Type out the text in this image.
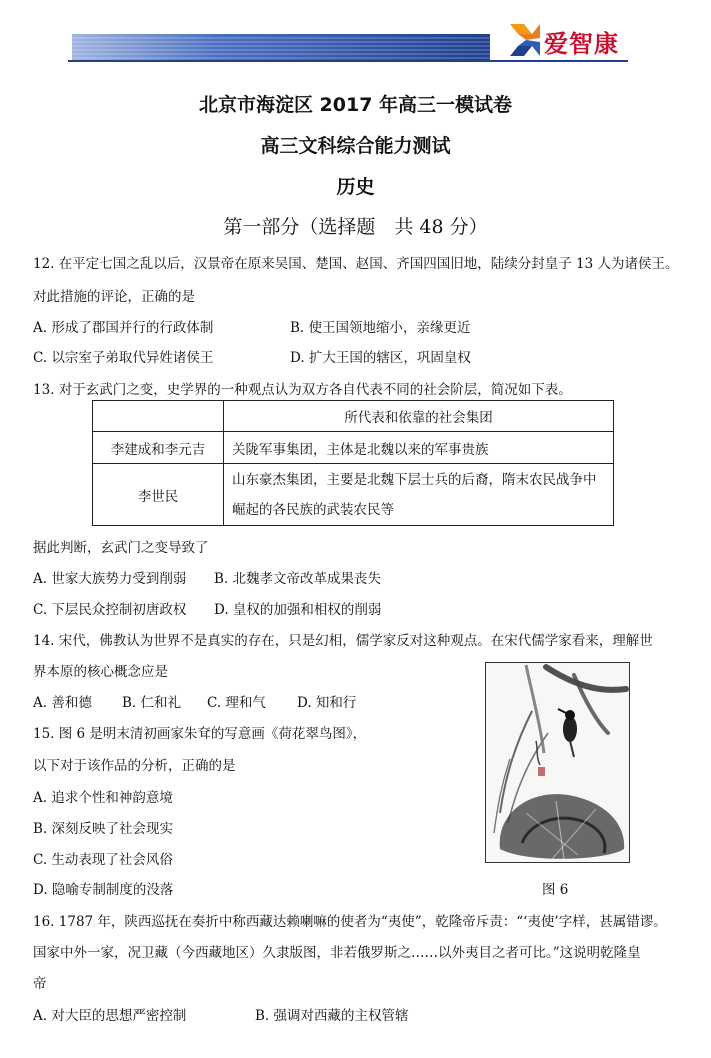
爱智康
北京市海淀区 2017 年高三一模试卷
高三文科综合能力测试
历史
第一部分（选择题　共 48 分）
12. 在平定七国之乱以后，汉景帝在原来吴国、楚国、赵国、齐国四国旧地，陆续分封皇子 13 人为诸侯王。
对此措施的评论，正确的是
A. 形成了郡国并行的行政体制	B. 使王国领地缩小，亲缘更近
C. 以宗室子弟取代异姓诸侯王	D. 扩大王国的辖区，巩固皇权
13. 对于玄武门之变，史学界的一种观点认为双方各自代表不同的社会阶层，简况如下表。
	所代表和依靠的社会集团
李建成和李元吉	关陇军事集团，主体是北魏以来的军事贵族
李世民	山东豪杰集团，主要是北魏下层士兵的后裔，隋末农民战争中
崛起的各民族的武装农民等
据此判断，玄武门之变导致了
A. 世家大族势力受到削弱 B. 北魏孝文帝改革成果丧失
C. 下层民众控制初唐政权 D. 皇权的加强和相权的削弱
14. 宋代，佛教认为世界不是真实的存在，只是幻相，儒学家反对这种观点。在宋代儒学家看来，理解世
界本原的核心概念应是
A. 善和德 B. 仁和礼 C. 理和气 D. 知和行
15. 图 6 是明末清初画家朱耷的写意画《荷花翠鸟图》，
以下对于该作品的分析，正确的是
A. 追求个性和神韵意境
B. 深刻反映了社会现实
C. 生动表现了社会风俗
D. 隐喻专制制度的没落	图 6
16. 1787 年，陕西巡抚在奏折中称西藏达赖喇嘛的使者为“夷使”，乾隆帝斥责：“‘夷使’字样，甚属错谬。
国家中外一家，况卫藏（今西藏地区）久隶版图，非若俄罗斯之……以外夷目之者可比。”这说明乾隆皇
帝
A. 对大臣的思想严密控制	B. 强调对西藏的主权管辖
